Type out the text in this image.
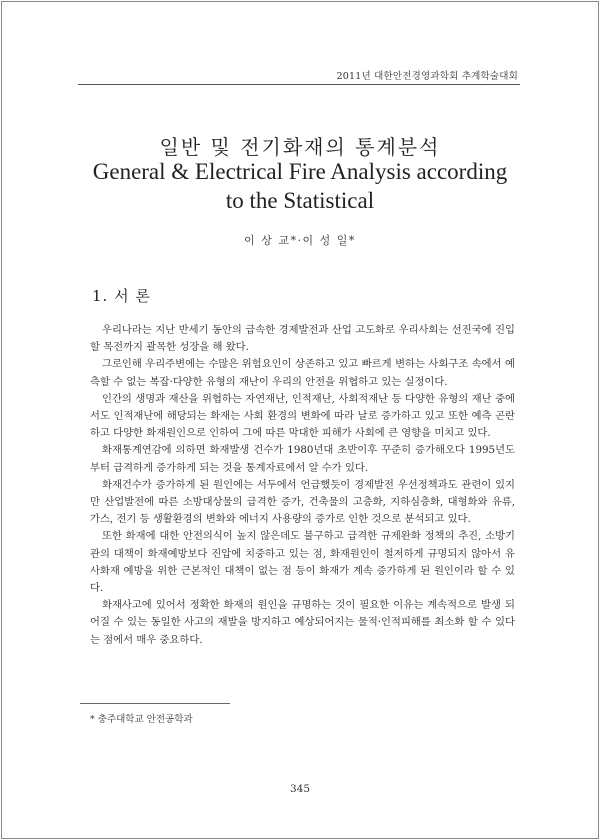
2011년 대한안전경영과학회 추계학술대회
일반 및 전기화재의 통계분석
General & Electrical Fire Analysis according
to the Statistical
이 상 교*·이 성 일*
1. 서 론

우리나라는 지난 반세기 동안의 급속한 경제발전과 산업 고도화로 우리사회는 선진국에 진입할 목전까지 괄목한 성장을 해 왔다.

그로인해 우리주변에는 수많은 위험요인이 상존하고 있고 빠르게 변하는 사회구조 속에서 예측할 수 없는 복잡·다양한 유형의 재난이 우리의 안전을 위협하고 있는 실정이다.

인간의 생명과 재산을 위협하는 자연재난, 인적재난, 사회적재난 등 다양한 유형의 재난 중에서도 인적재난에 해당되는 화재는 사회 환경의 변화에 따라 날로 증가하고 있고 또한 예측 곤란하고 다양한 화재원인으로 인하여 그에 따른 막대한 피해가 사회에 큰 영향을 미치고 있다.

화재통계연감에 의하면 화재발생 건수가 1980년대 초반이후 꾸준히 증가해오다 1995년도부터 급격하게 증가하게 되는 것을 통계자료에서 알 수가 있다.

화재건수가 증가하게 된 원인에는 서두에서 언급했듯이 경제발전 우선정책과도 관련이 있지만 산업발전에 따른 소방대상물의 급격한 증가, 건축물의 고층화, 지하심층화, 대형화와 유류, 가스, 전기 등 생활환경의 변화와 에너지 사용량의 증가로 인한 것으로 분석되고 있다.

또한 화재에 대한 안전의식이 높지 않은데도 불구하고 급격한 규제완화 정책의 추진, 소방기관의 대책이 화재예방보다 진압에 치중하고 있는 점, 화재원인이 철저하게 규명되지 않아서 유사화재 예방을 위한 근본적인 대책이 없는 점 등이 화재가 계속 증가하게 된 원인이라 할 수 있다.

화재사고에 있어서 정확한 화재의 원인을 규명하는 것이 필요한 이유는 계속적으로 발생 되어질 수 있는 동일한 사고의 재발을 방지하고 예상되어지는 물적·인적피해를 최소화 할 수 있다는 점에서 매우 중요하다.

* 충주대학교 안전공학과
345
